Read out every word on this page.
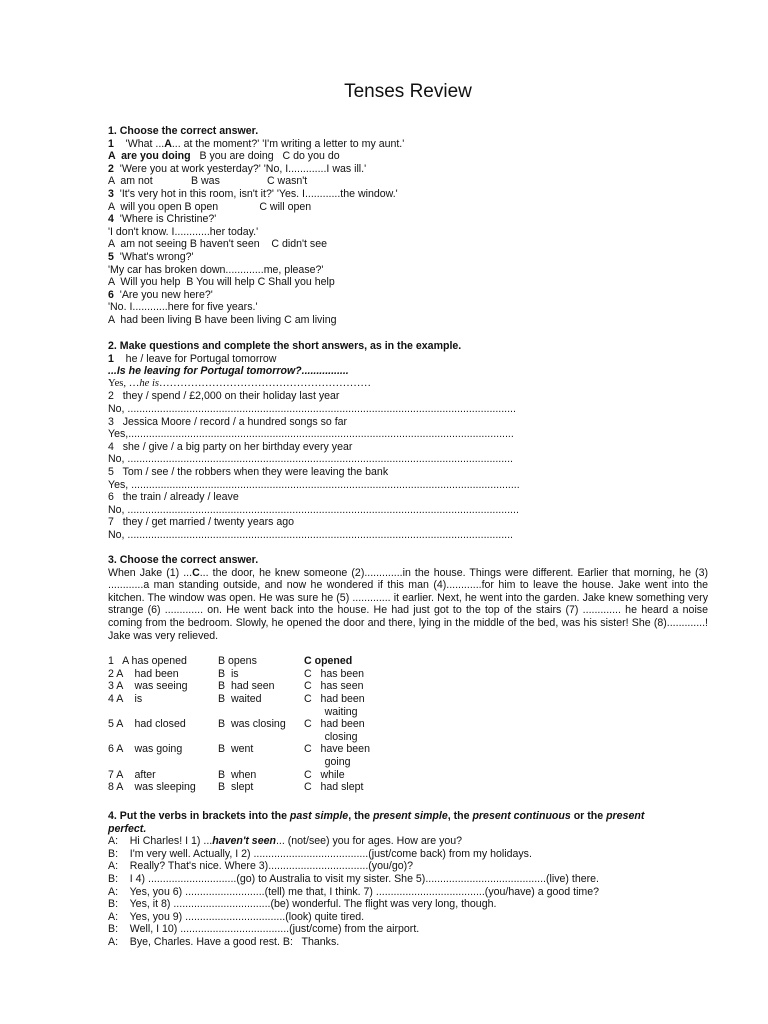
Tenses Review
1. Choose the correct answer.
1    'What ...A... at the moment?' 'I'm writing a letter to my aunt.'
A  are you doing   B you are doing   C do you do
2  'Were you at work yesterday?' 'No, I.............I was ill.'
A  am not             B was                C wasn't
3  'It's very hot in this room, isn't it?' 'Yes. I............the window.'
A  will you open B open              C will open
4  'Where is Christine?'
'I don't know. I............her today.'
A  am not seeing B haven't seen    C didn't see
5  'What's wrong?'
'My car has broken down.............me, please?'
A  Will you help  B You will help C Shall you help
6  'Are you new here?'
'No. I............here for five years.'
A  had been living B have been living C am living
2. Make questions and complete the short answers, as in the example.
1    he / leave for Portugal tomorrow
...Is he leaving for Portugal tomorrow?................
Yes, …he is……………………………………………………
2   they / spend / £2,000 on their holiday last year
No, ....................................................................................................................................
3   Jessica Moore / record / a hundred songs so far
Yes,...................................................................................................................................
4   she / give / a big party on her birthday every year
No, ...................................................................................................................................
5   Tom / see / the robbers when they were leaving the bank
Yes, ....................................................................................................................................
6   the train / already / leave
No, .....................................................................................................................................
7   they / get married / twenty years ago
No, ...................................................................................................................................
3. Choose the correct answer.
When Jake (1) ...C... the door, he knew someone (2).............in the house. Things were different. Earlier that morning, he (3) ............a man standing outside, and now he wondered if this man (4)............for him to leave the house. Jake went into the kitchen. The window was open. He was sure he (5) ............. it earlier. Next, he went into the garden. Jake knew something very strange (6) ............. on. He went back into the house. He had just got to the top of the stairs (7) ............. he heard a noise coming from the bedroom. Slowly, he opened the door and there, lying in the middle of the bed, was his sister! She (8).............! Jake was very relieved.
1   A has opened	B opens	C opened
2 A    had been	B  is	C   has been
3 A    was seeing	B  had seen	C   has seen
4 A    is	B  waited	C   had been
waiting
5 A    had closed	B  was closing	C   had been
closing
6 A    was going	B  went	C   have been
going
7 A    after	B  when	C   while
8 A    was sleeping	B  slept	C   had slept
4. Put the verbs in brackets into the past simple, the present simple, the present continuous or the present
perfect.
A:    Hi Charles! I 1) ...haven't seen... (not/see) you for ages. How are you?
B:    I'm very well. Actually, I 2) .......................................(just/come back) from my holidays.
A:    Really? That's nice. Where 3)..................................(you/go)?
B:    I 4) ..............................(go) to Australia to visit my sister. She 5).........................................(live) there.
A:    Yes, you 6) ...........................(tell) me that, I think. 7) .....................................(you/have) a good time?
B:    Yes, it 8) .................................(be) wonderful. The flight was very long, though.
A:    Yes, you 9) ..................................(look) quite tired.
B:    Well, I 10) .....................................(just/come) from the airport.
A:    Bye, Charles. Have a good rest. B:   Thanks.
